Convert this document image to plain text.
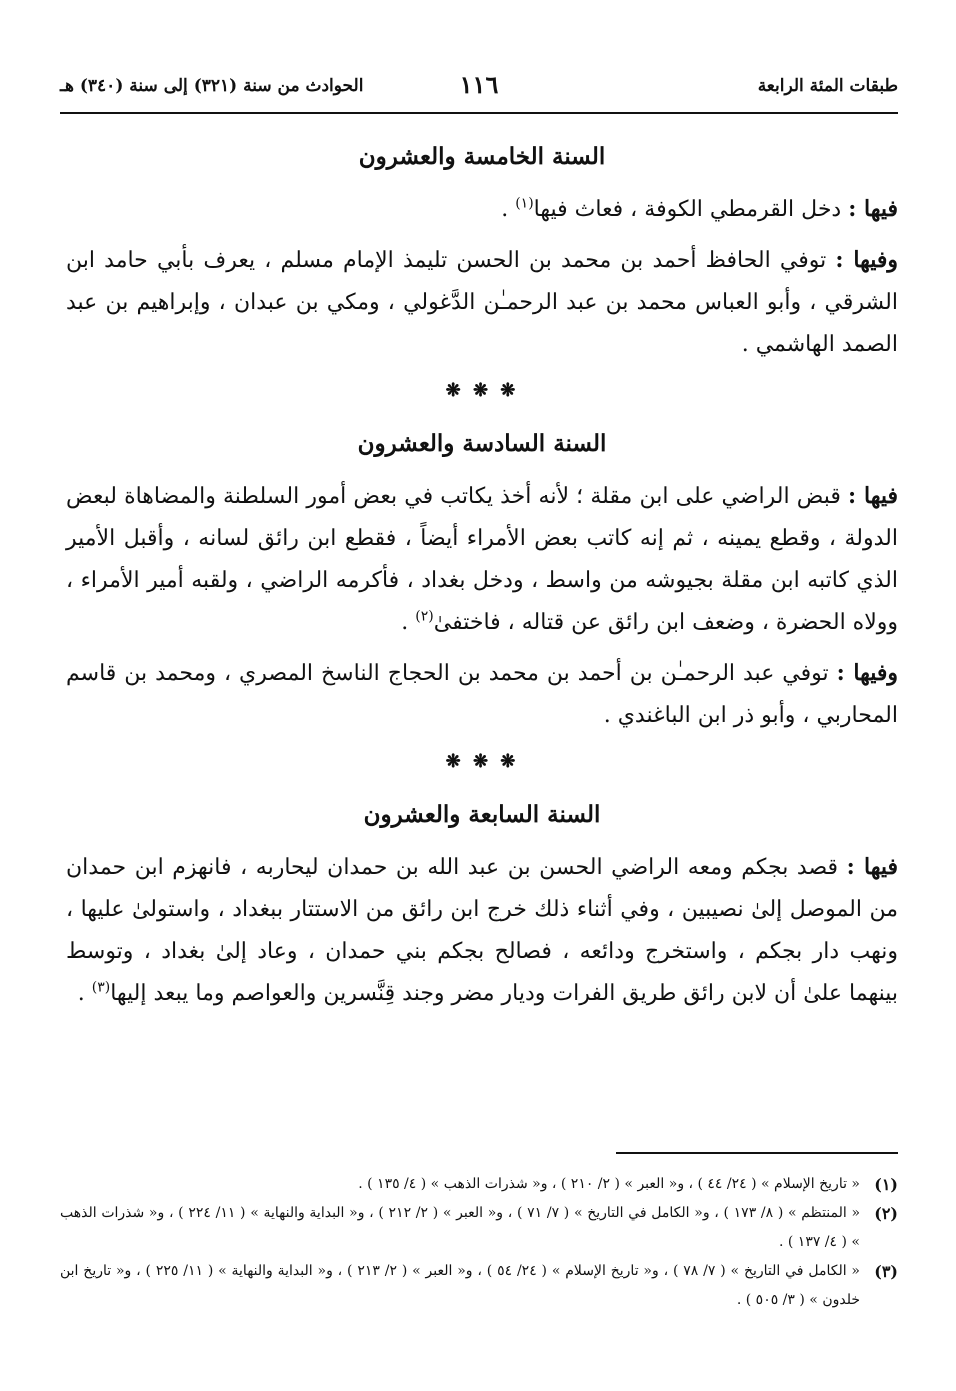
طبقات المئة الرابعة
١١٦
الحوادث من سنة (٣٢١) إلى سنة (٣٤٠) هـ
السنة الخامسة والعشرون

فيها : دخل القرمطي الكوفة ، فعاث فيها$^{(١)}$ .

وفيها : توفي الحافظ أحمد بن محمد بن الحسن تليمذ الإمام مسلم ، يعرف بأبي حامد ابن الشرقي ، وأبو العباس محمد بن عبد الرحمـٰن الدَّغولي ، ومكي بن عبدان ، وإبراهيم بن عبد الصمد الهاشمي .

❋ ❋ ❋
السنة السادسة والعشرون

فيها : قبض الراضي على ابن مقلة ؛ لأنه أخذ يكاتب في بعض أمور السلطنة والمضاهاة لبعض الدولة ، وقطع يمينه ، ثم إنه كاتب بعض الأمراء أيضاً ، فقطع ابن رائق لسانه ، وأقبل الأمير الذي كاتبه ابن مقلة بجيوشه من واسط ، ودخل بغداد ، فأكرمه الراضي ، ولقبه أمير الأمراء ، وولاه الحضرة ، وضعف ابن رائق عن قتاله ، فاختفىٰ$^{(٢)}$ .

وفيها : توفي عبد الرحمـٰن بن أحمد بن محمد بن الحجاج الناسخ المصري ، ومحمد بن قاسم المحاربي ، وأبو ذر ابن الباغندي .

❋ ❋ ❋
السنة السابعة والعشرون

فيها : قصد بجكم ومعه الراضي الحسن بن عبد الله بن حمدان ليحاربه ، فانهزم ابن حمدان من الموصل إلىٰ نصيبين ، وفي أثناء ذلك خرج ابن رائق من الاستتار ببغداد ، واستولىٰ عليها ، ونهب دار بجكم ، واستخرج ودائعه ، فصالح بجكم بني حمدان ، وعاد إلىٰ بغداد ، وتوسط بينهما علىٰ أن لابن رائق طريق الفرات وديار مضر وجند قِنَّسرين والعواصم وما يبعد إليها$^{(٣)}$ .

(١)
« تاريخ الإسلام » ( ٢٤/ ٤٤ ) ، و« العبر » ( ٢/ ٢١٠ ) ، و« شذرات الذهب » ( ٤/ ١٣٥ ) .
(٢)
« المنتظم » ( ٨/ ١٧٣ ) ، و« الكامل في التاريخ » ( ٧/ ٧١ ) ، و« العبر » ( ٢/ ٢١٢ ) ، و« البداية والنهاية » ( ١١/ ٢٢٤ ) ، و« شذرات الذهب » ( ٤/ ١٣٧ ) .
(٣)
« الكامل في التاريخ » ( ٧/ ٧٨ ) ، و« تاريخ الإسلام » ( ٢٤/ ٥٤ ) ، و« العبر » ( ٢/ ٢١٣ ) ، و« البداية والنهاية » ( ١١/ ٢٢٥ ) ، و« تاريخ ابن خلدون » ( ٣/ ٥٠٥ ) .
